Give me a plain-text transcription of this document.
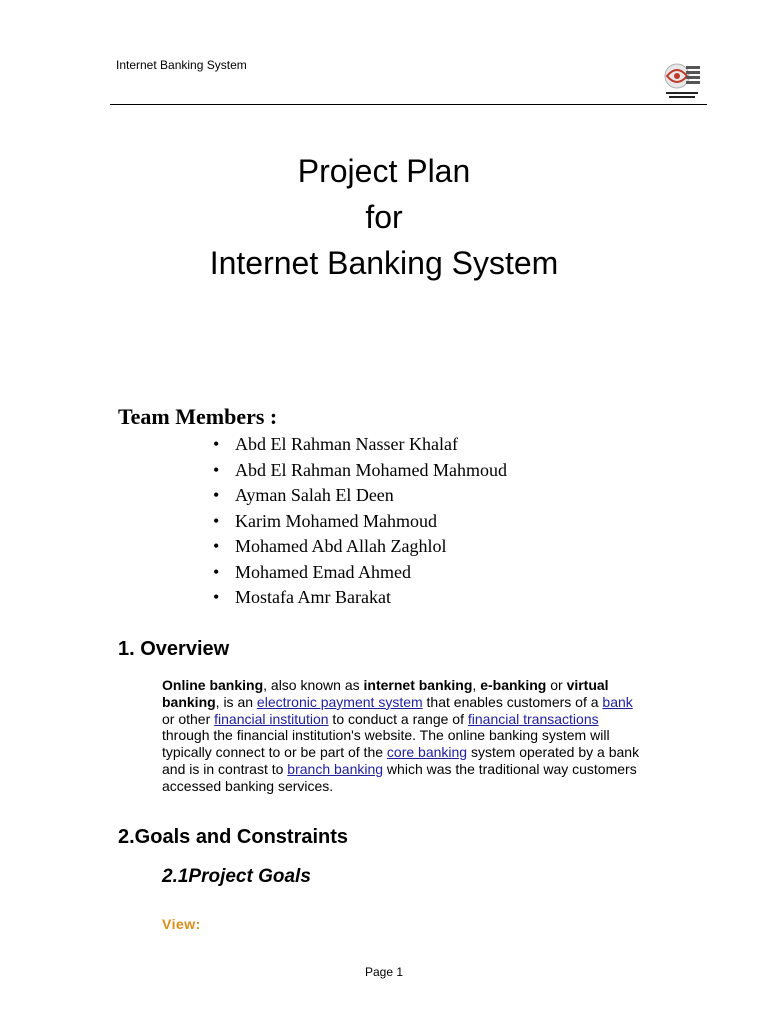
Internet Banking System
Project Plan
for
Internet Banking System
Team Members :
• Abd El Rahman Nasser Khalaf
• Abd El Rahman Mohamed Mahmoud
• Ayman Salah El Deen
• Karim Mohamed Mahmoud
• Mohamed Abd Allah Zaghlol
• Mohamed Emad Ahmed
• Mostafa Amr Barakat
1. Overview
Online banking, also known as internet banking, e-banking or virtual banking, is an electronic payment system that enables customers of a bank or other financial institution to conduct a range of financial transactions through the financial institution's website. The online banking system will typically connect to or be part of the core banking system operated by a bank and is in contrast to branch banking which was the traditional way customers accessed banking services.
2.Goals and Constraints
2.1Project Goals
View:
Page 1
